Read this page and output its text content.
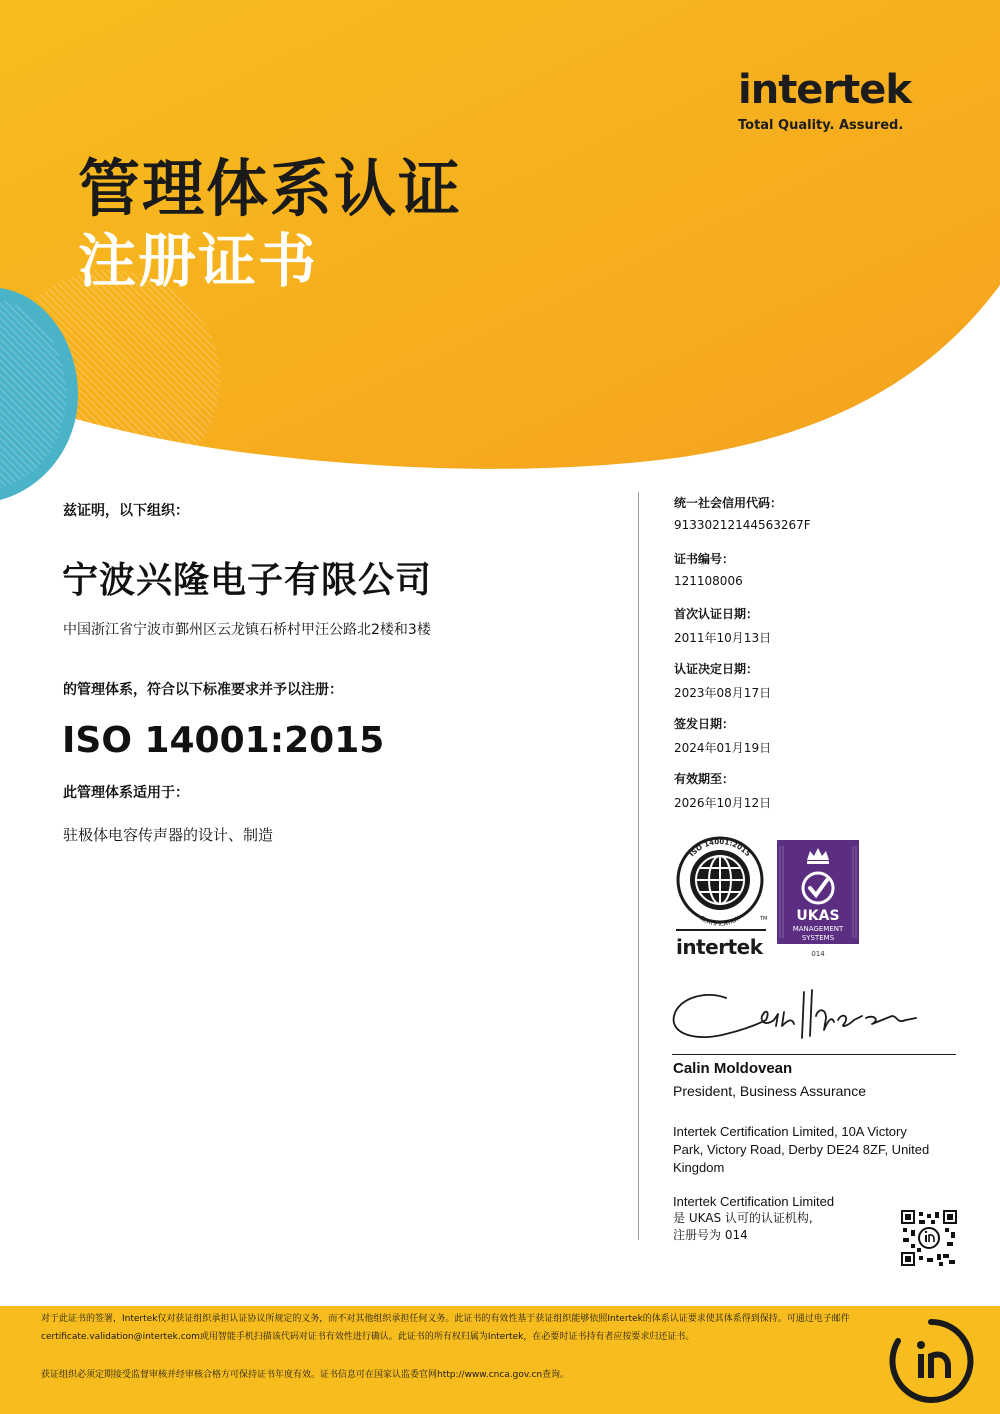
intertek
Total Quality. Assured.
管理体系认证
注册证书
兹证明，以下组织：
宁波兴隆电子有限公司
中国浙江省宁波市鄞州区云龙镇石桥村甲汪公路北2楼和3楼
的管理体系，符合以下标准要求并予以注册：
ISO 14001:2015
此管理体系适用于：
驻极体电容传声器的设计、制造
统一社会信用代码：
91330212144563267F
证书编号：
121108006
首次认证日期：
2011年10月13日
认证决定日期：
2023年08月17日
签发日期：
2024年01月19日
有效期至：
2026年10月12日
ISO 14001:2015
CERTIFICATION	TM
intertek
UKAS
MANAGEMENT
SYSTEMS
014
Calin Moldovean
President, Business Assurance
Intertek Certification Limited, 10A Victory Park, Victory Road, Derby DE24 8ZF, United Kingdom
Intertek Certification Limited
是 UKAS 认可的认证机构,
注册号为 014
对于此证书的签署，Intertek仅对获证组织承担认证协议所规定的义务，而不对其他组织承担任何义务。此证书的有效性基于获证组织能够依照Intertek的体系认证要求使其体系得到保持。可通过电子邮件certificate.validation@intertek.com或用智能手机扫描该代码对证书有效性进行确认。此证书的所有权归属为Intertek，在必要时证书持有者应按要求归还证书。
获证组织必须定期接受监督审核并经审核合格方可保持证书年度有效。证书信息可在国家认监委官网http://www.cnca.gov.cn查询。
